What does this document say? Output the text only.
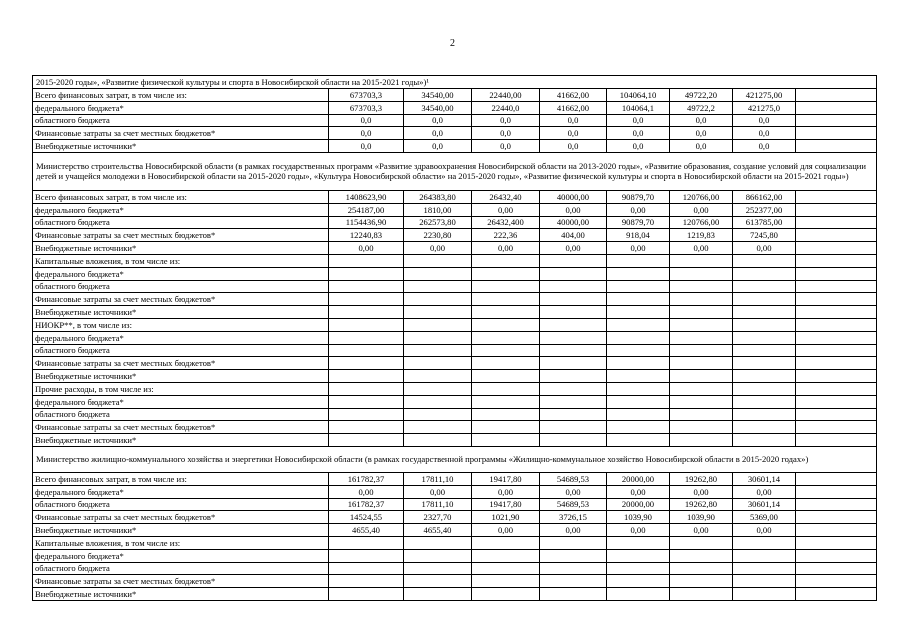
2
2015-2020 годы», «Развитие физической культуры и спорта в Новосибирской области на 2015-2021 годы»)¹								
Всего финансовых затрат, в том числе из:	673703,3	34540,00	22440,00	41662,00	104064,10	49722,20	421275,00	
федерального бюджета*	673703,3	34540,00	22440,0	41662,00	104064,1	49722,2	421275,0	
областного бюджета	0,0	0,0	0,0	0,0	0,0	0,0	0,0	
Финансовые затраты за счет местных бюджетов*	0,0	0,0	0,0	0,0	0,0	0,0	0,0	
Внебюджетные источники*	0,0	0,0	0,0	0,0	0,0	0,0	0,0	
Министерство строительства Новосибирской области (в рамках государственных программ «Развитие здравоохранения Новосибирской области на 2013-2020 годы», «Развитие образования, создание условий для социализации детей и учащейся молодежи в Новосибирской области на 2015-2020 годы», «Культура Новосибирской области» на 2015-2020 годы», «Развитие физической культуры и спорта в Новосибирской области на 2015-2021 годы»)								
Всего финансовых затрат, в том числе из:	1408623,90	264383,80	26432,40	40000,00	90879,70	120766,00	866162,00	
федерального бюджета*	254187,00	1810,00	0,00	0,00	0,00	0,00	252377,00	
областного бюджета	1154436,90	262573,80	26432,400	40000,00	90879,70	120766,00	613785,00	
Финансовые затраты за счет местных бюджетов*	12240,83	2230,80	222,36	404,00	918,04	1219,83	7245,80	
Внебюджетные источники*	0,00	0,00	0,00	0,00	0,00	0,00	0,00	
Капитальные вложения, в том числе из:								
федерального бюджета*								
областного бюджета								
Финансовые затраты за счет местных бюджетов*								
Внебюджетные источники*								
НИОКР**, в том числе из:								
федерального бюджета*								
областного бюджета								
Финансовые затраты за счет местных бюджетов*								
Внебюджетные источники*								
Прочие расходы, в том числе из:								
федерального бюджета*								
областного бюджета								
Финансовые затраты за счет местных бюджетов*								
Внебюджетные источники*								
Министерство жилищно-коммунального хозяйства и энергетики Новосибирской области (в рамках государственной программы «Жилищно-коммунальное хозяйство Новосибирской области в 2015-2020 годах»)								
Всего финансовых затрат, в том числе из:	161782,37	17811,10	19417,80	54689,53	20000,00	19262,80	30601,14	
федерального бюджета*	0,00	0,00	0,00	0,00	0,00	0,00	0,00	
областного бюджета	161782,37	17811,10	19417,80	54689,53	20000,00	19262,80	30601,14	
Финансовые затраты за счет местных бюджетов*	14524,55	2327,70	1021,90	3726,15	1039,90	1039,90	5369,00	
Внебюджетные источники*	4655,40	4655,40	0,00	0,00	0,00	0,00	0,00	
Капитальные вложения, в том числе из:								
федерального бюджета*								
областного бюджета								
Финансовые затраты за счет местных бюджетов*								
Внебюджетные источники*								
